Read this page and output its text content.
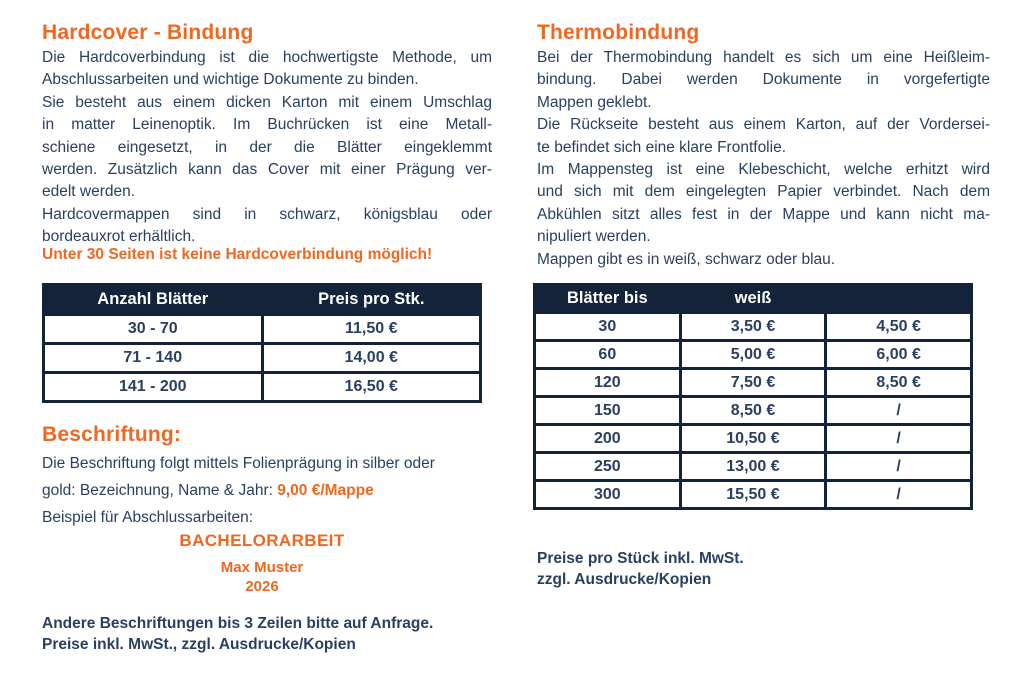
Hardcover - Bindung
Die Hardcoverbindung ist die hochwertigste Methode, um
Abschlussarbeiten und wichtige Dokumente zu binden.
Sie besteht aus einem dicken Karton mit einem Umschlag
in matter Leinenoptik. Im Buchrücken ist eine Metall-
schiene eingesetzt, in der die Blätter eingeklemmt
werden. Zusätzlich kann das Cover mit einer Prägung ver-
edelt werden.
Hardcovermappen sind in schwarz, königsblau oder
bordeauxrot erhältlich.
Unter 30 Seiten ist keine Hardcoverbindung möglich!
Anzahl Blätter	Preis pro Stk.
30 - 70	11,50 €
71 - 140	14,00 €
141 - 200	16,50 €
Beschriftung:
Die Beschriftung folgt mittels Folienprägung in silber oder
gold: Bezeichnung, Name & Jahr: 9,00 €/Mappe
Beispiel für Abschlussarbeiten:
BACHELORARBEIT
Max Muster
2026
Andere Beschriftungen bis 3 Zeilen bitte auf Anfrage.
Preise inkl. MwSt., zzgl. Ausdrucke/Kopien
Thermobindung
Bei der Thermobindung handelt es sich um eine Heißleim-
bindung. Dabei werden Dokumente in vorgefertigte
Mappen geklebt.
Die Rückseite besteht aus einem Karton, auf der Vordersei-
te befindet sich eine klare Frontfolie.
Im Mappensteg ist eine Klebeschicht, welche erhitzt wird
und sich mit dem eingelegten Papier verbindet. Nach dem
Abkühlen sitzt alles fest in der Mappe und kann nicht ma-
nipuliert werden.
Mappen gibt es in weiß, schwarz oder blau.
Blätter bis	weiß	
30	3,50 €	4,50 €
60	5,00 €	6,00 €
120	7,50 €	8,50 €
150	8,50 €	/
200	10,50 €	/
250	13,00 €	/
300	15,50 €	/
Preise pro Stück inkl. MwSt.
zzgl. Ausdrucke/Kopien
